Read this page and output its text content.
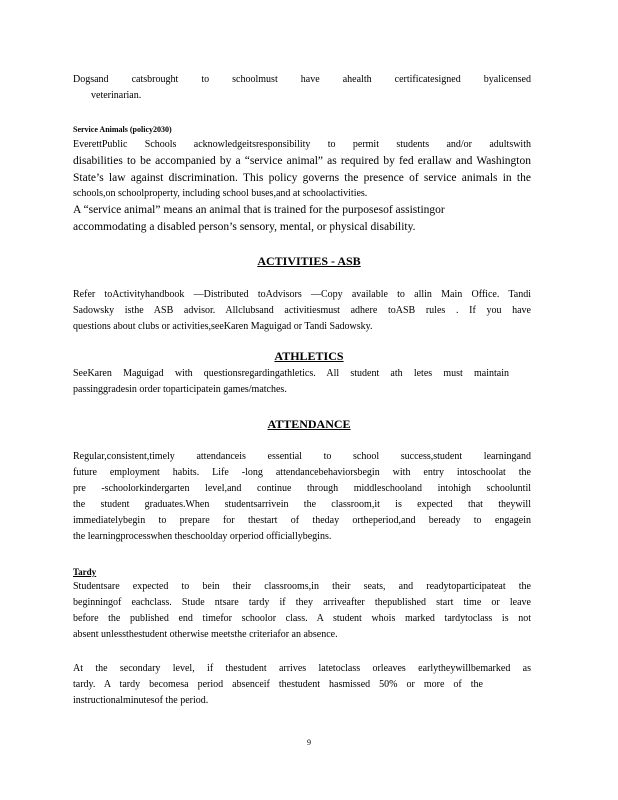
Dogsand catsbrought to schoolmust have ahealth certificatesigned byalicensed
veterinarian.
Service Animals (policy2030)
EverettPublic Schools acknowledgeitsresponsibility to permit students and/or adultswith
disabilities to be accompanied by a “service animal” as required by fed erallaw and Washington
State’s law against discrimination. This policy governs the presence of service animals in the
schools,on schoolproperty, including school buses,and at schoolactivities.
A “service animal” means an animal that is trained for the purposesof assistingor
accommodating a disabled person’s sensory, mental, or physical disability.
ACTIVITIES - ASB
Refer toActivityhandbook —Distributed toAdvisors —Copy available to allin Main Office. Tandi
Sadowsky isthe ASB advisor. Allclubsand activitiesmust adhere toASB rules . If you have
questions about clubs or activities,seeKaren Maguigad or Tandi Sadowsky.
ATHLETICS
SeeKaren Maguigad with questionsregardingathletics. All student ath letes must maintain
passinggradesin order toparticipatein games/matches.
ATTENDANCE
Regular,consistent,timely attendanceis essential to school success,student learningand
future employment habits. Life -long attendancebehaviorsbegin with entry intoschoolat the
pre -schoolorkindergarten level,and continue through middleschooland intohigh schooluntil
the student graduates.When studentsarrivein the classroom,it is expected that theywill
immediatelybegin to prepare for thestart of theday ortheperiod,and bеready to engagein
the learningprocesswhen theschoolday orperiod officiallybegins.
Tardy
Studentsare expected to bein their classrooms,in their seats, and readytoparticipateat the
beginningof eachclass. Stude ntsare tardy if they arriveafter thepublished start time or leave
before the published end timefor schoolor class. A student whois marked tardytoclass is not
absent unlessthestudent otherwise meetsthe criteriafor an absence.
At the secondary level, if thestudent arrives latetoclass orleaves earlytheywillbemarked as
tardy. A tardy becomesa period absenceif thestudent hasmissed 50% or more of the
instructionalminutesof the period.
9
